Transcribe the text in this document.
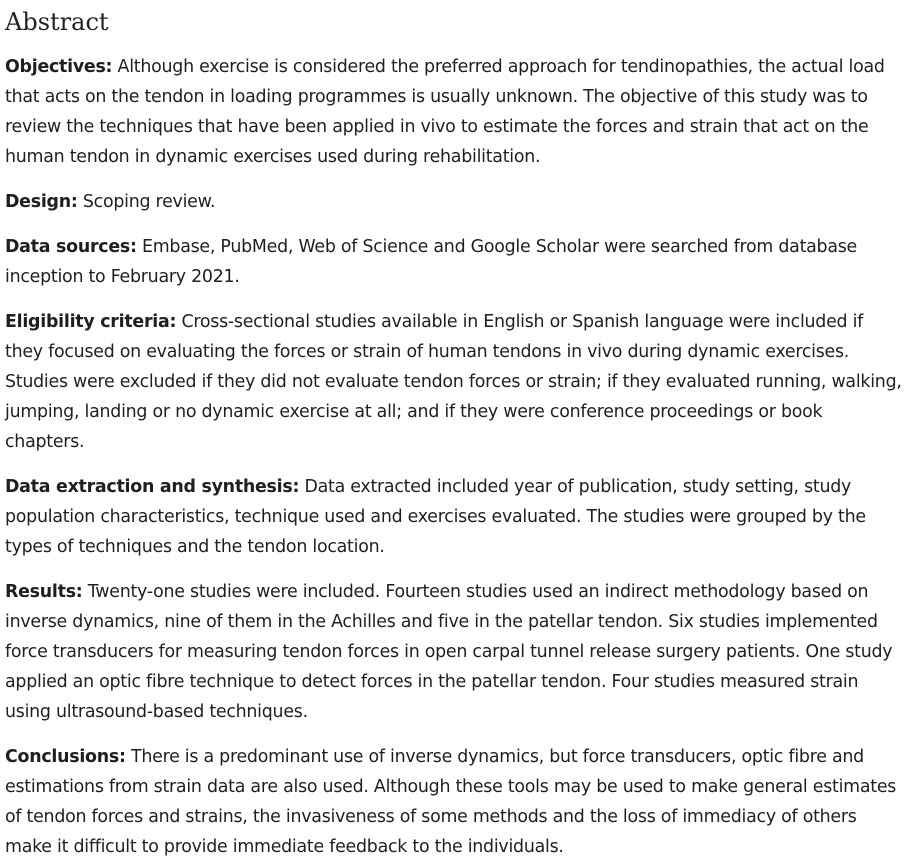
Abstract

Objectives: Although exercise is considered the preferred approach for tendinopathies, the actual load that acts on the tendon in loading programmes is usually unknown. The objective of this study was to review the techniques that have been applied in vivo to estimate the forces and strain that act on the human tendon in dynamic exercises used during rehabilitation.

Design: Scoping review.

Data sources: Embase, PubMed, Web of Science and Google Scholar were searched from database inception to February 2021.

Eligibility criteria: Cross-sectional studies available in English or Spanish language were included if they focused on evaluating the forces or strain of human tendons in vivo during dynamic exercises. Studies were excluded if they did not evaluate tendon forces or strain; if they evaluated running, walking, jumping, landing or no dynamic exercise at all; and if they were conference proceedings or book chapters.

Data extraction and synthesis: Data extracted included year of publication, study setting, study population characteristics, technique used and exercises evaluated. The studies were grouped by the types of techniques and the tendon location.

Results: Twenty-one studies were included. Fourteen studies used an indirect methodology based on inverse dynamics, nine of them in the Achilles and five in the patellar tendon. Six studies implemented force transducers for measuring tendon forces in open carpal tunnel release surgery patients. One study applied an optic fibre technique to detect forces in the patellar tendon. Four studies measured strain using ultrasound-based techniques.

Conclusions: There is a predominant use of inverse dynamics, but force transducers, optic fibre and estimations from strain data are also used. Although these tools may be used to make general estimates of tendon forces and strains, the invasiveness of some methods and the loss of immediacy of others make it difficult to provide immediate feedback to the individuals.
